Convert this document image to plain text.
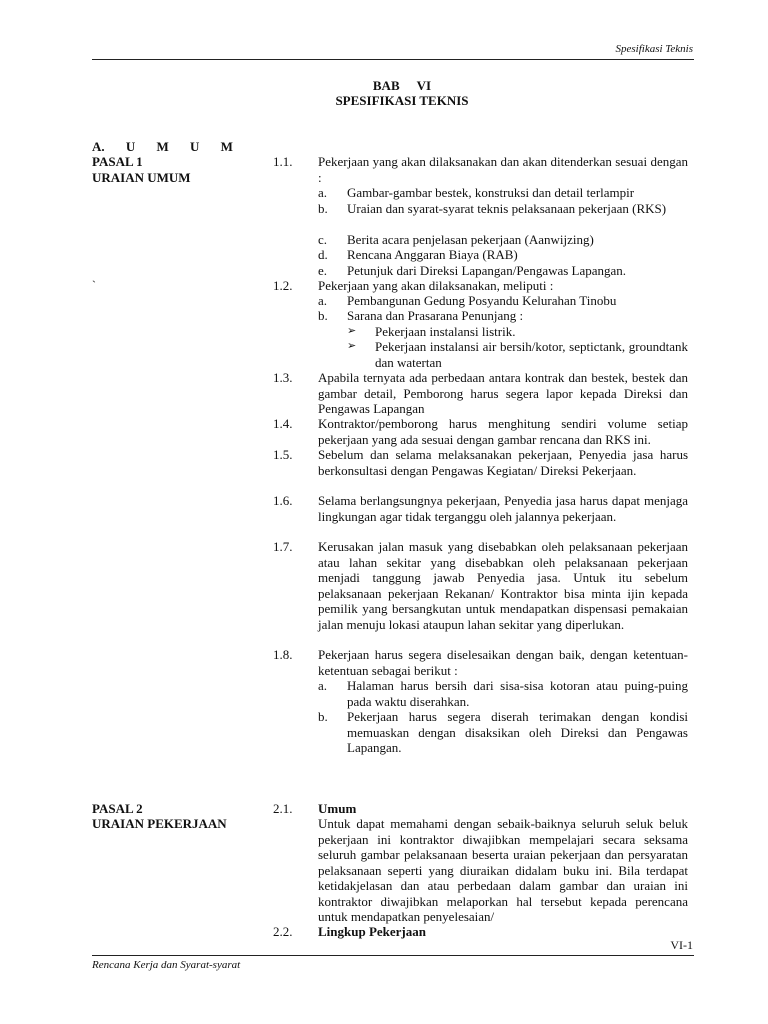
Spesifikasi Teknis
BAB VI
SPESIFIKASI TEKNIS
A. U M U M
PASAL 1
URAIAN UMUM
`
1.1. Pekerjaan yang akan dilaksanakan dan akan ditenderkan sesuai dengan :
a. Gambar-gambar bestek, konstruksi dan detail terlampir
b. Uraian dan syarat-syarat teknis pelaksanaan pekerjaan (RKS)
c. Berita acara penjelasan pekerjaan (Aanwijzing)
d. Rencana Anggaran Biaya (RAB)
e. Petunjuk dari Direksi Lapangan/Pengawas Lapangan.
1.2. Pekerjaan yang akan dilaksanakan, meliputi :
a. Pembangunan Gedung Posyandu Kelurahan Tinobu
b. Sarana dan Prasarana Penunjang :
➢ Pekerjaan instalansi listrik.
➢ Pekerjaan instalansi air bersih/kotor, septictank, groundtank dan watertan
1.3. Apabila ternyata ada perbedaan antara kontrak dan bestek, bestek dan gambar detail, Pemborong harus segera lapor kepada Direksi dan Pengawas Lapangan
1.4. Kontraktor/pemborong harus menghitung sendiri volume setiap pekerjaan yang ada sesuai dengan gambar rencana dan RKS ini.
1.5. Sebelum dan selama melaksanakan pekerjaan, Penyedia jasa harus berkonsultasi dengan Pengawas Kegiatan/ Direksi Pekerjaan.
1.6. Selama berlangsungnya pekerjaan, Penyedia jasa harus dapat menjaga lingkungan agar tidak terganggu oleh jalannya pekerjaan.
1.7. Kerusakan jalan masuk yang disebabkan oleh pelaksanaan pekerjaan atau lahan sekitar yang disebabkan oleh pelaksanaan pekerjaan menjadi tanggung jawab Penyedia jasa. Untuk itu sebelum pelaksanaan pekerjaan Rekanan/ Kontraktor bisa minta ijin kepada pemilik yang bersangkutan untuk mendapatkan dispensasi pemakaian jalan menuju lokasi ataupun lahan sekitar yang diperlukan.
1.8. Pekerjaan harus segera diselesaikan dengan baik, dengan ketentuan-ketentuan sebagai berikut :
a. Halaman harus bersih dari sisa-sisa kotoran atau puing-puing pada waktu diserahkan.
b. Pekerjaan harus segera diserah terimakan dengan kondisi memuaskan dengan disaksikan oleh Direksi dan Pengawas Lapangan.
PASAL 2
URAIAN PEKERJAAN
2.1. Umum
Untuk dapat memahami dengan sebaik-baiknya seluruh seluk beluk pekerjaan ini kontraktor diwajibkan mempelajari secara seksama seluruh gambar pelaksanaan beserta uraian pekerjaan dan persyaratan pelaksanaan seperti yang diuraikan didalam buku ini. Bila terdapat ketidakjelasan dan atau perbedaan dalam gambar dan uraian ini kontraktor diwajibkan melaporkan hal tersebut kepada perencana untuk mendapatkan penyelesaian/
2.2. Lingkup Pekerjaan
VI-1
Rencana Kerja dan Syarat-syarat
